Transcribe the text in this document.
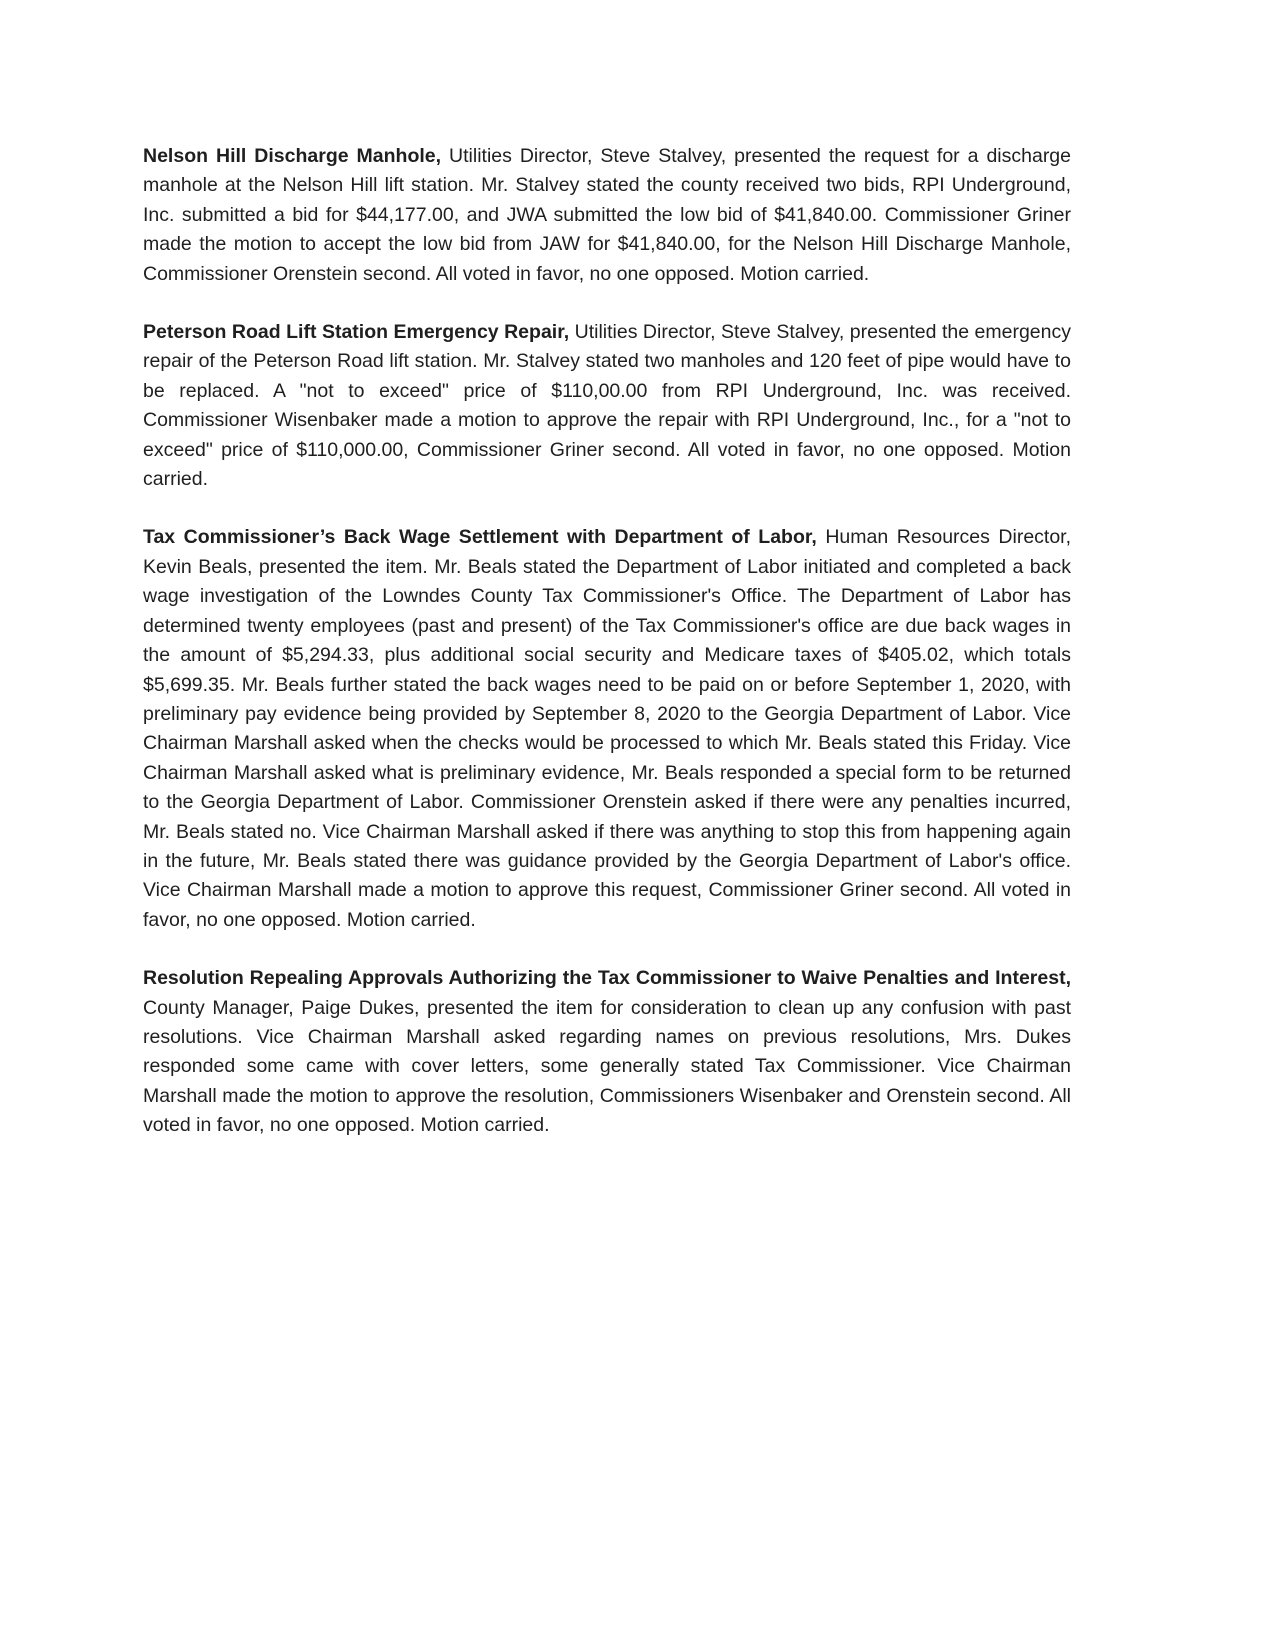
Nelson Hill Discharge Manhole, Utilities Director, Steve Stalvey, presented the request for a discharge manhole at the Nelson Hill lift station. Mr. Stalvey stated the county received two bids, RPI Underground, Inc. submitted a bid for $44,177.00, and JWA submitted the low bid of $41,840.00. Commissioner Griner made the motion to accept the low bid from JAW for $41,840.00, for the Nelson Hill Discharge Manhole, Commissioner Orenstein second. All voted in favor, no one opposed. Motion carried.

Peterson Road Lift Station Emergency Repair, Utilities Director, Steve Stalvey, presented the emergency repair of the Peterson Road lift station. Mr. Stalvey stated two manholes and 120 feet of pipe would have to be replaced. A "not to exceed" price of $110,00.00 from RPI Underground, Inc. was received. Commissioner Wisenbaker made a motion to approve the repair with RPI Underground, Inc., for a "not to exceed" price of $110,000.00, Commissioner Griner second. All voted in favor, no one opposed. Motion carried.

Tax Commissioner’s Back Wage Settlement with Department of Labor, Human Resources Director, Kevin Beals, presented the item. Mr. Beals stated the Department of Labor initiated and completed a back wage investigation of the Lowndes County Tax Commissioner's Office. The Department of Labor has determined twenty employees (past and present) of the Tax Commissioner's office are due back wages in the amount of $5,294.33, plus additional social security and Medicare taxes of $405.02, which totals $5,699.35. Mr. Beals further stated the back wages need to be paid on or before September 1, 2020, with preliminary pay evidence being provided by September 8, 2020 to the Georgia Department of Labor. Vice Chairman Marshall asked when the checks would be processed to which Mr. Beals stated this Friday. Vice Chairman Marshall asked what is preliminary evidence, Mr. Beals responded a special form to be returned to the Georgia Department of Labor. Commissioner Orenstein asked if there were any penalties incurred, Mr. Beals stated no. Vice Chairman Marshall asked if there was anything to stop this from happening again in the future, Mr. Beals stated there was guidance provided by the Georgia Department of Labor's office. Vice Chairman Marshall made a motion to approve this request, Commissioner Griner second. All voted in favor, no one opposed. Motion carried.

Resolution Repealing Approvals Authorizing the Tax Commissioner to Waive Penalties and Interest, County Manager, Paige Dukes, presented the item for consideration to clean up any confusion with past resolutions. Vice Chairman Marshall asked regarding names on previous resolutions, Mrs. Dukes responded some came with cover letters, some generally stated Tax Commissioner. Vice Chairman Marshall made the motion to approve the resolution, Commissioners Wisenbaker and Orenstein second. All voted in favor, no one opposed. Motion carried.
